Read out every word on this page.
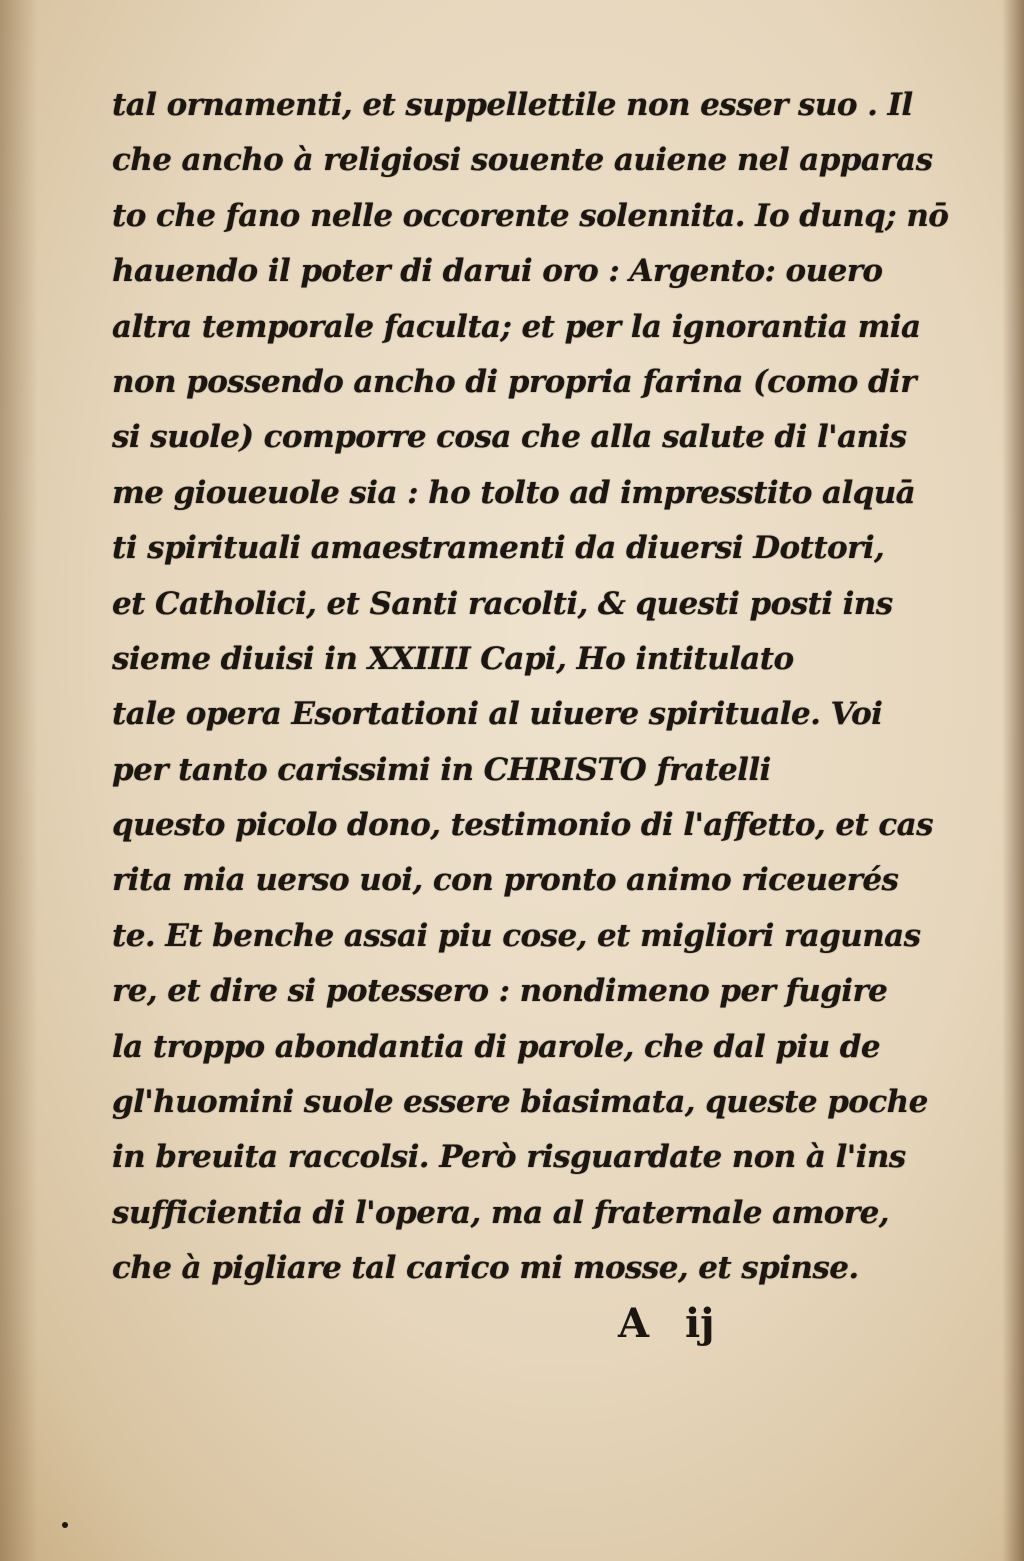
tal ornamenti, et suppellettile non esser suo . Il
che ancho à religiosi souente auiene nel apparas
to che fano nelle occorente solennita. Io dunq; nō
hauendo il poter di darui oro : Argento: ouero
altra temporale faculta; et per la ignorantia mia
non possendo ancho di propria farina (como dir
si suole) comporre cosa che alla salute di l'anis
me gioueuole sia : ho tolto ad impresstito alquā
ti spirituali amaestramenti da diuersi Dottori,
et Catholici, et Santi racolti, & questi posti ins
sieme diuisi in XXIIII Capi, Ho intitulato
tale opera Esortationi al uiuere spirituale. Voi
per tanto carissimi in CHRISTO fratelli
questo picolo dono, testimonio di l'affetto, et cas
rita mia uerso uoi, con pronto animo riceuerés
te. Et benche assai piu cose, et migliori ragunas
re, et dire si potessero : nondimeno per fugire
la troppo abondantia di parole, che dal piu de
gl'huomini suole essere biasimata, queste poche
in breuita raccolsi. Però risguardate non à l'ins
sufficientia di l'opera, ma al fraternale amore,
che à pigliare tal carico mi mosse, et spinse.
A ij
